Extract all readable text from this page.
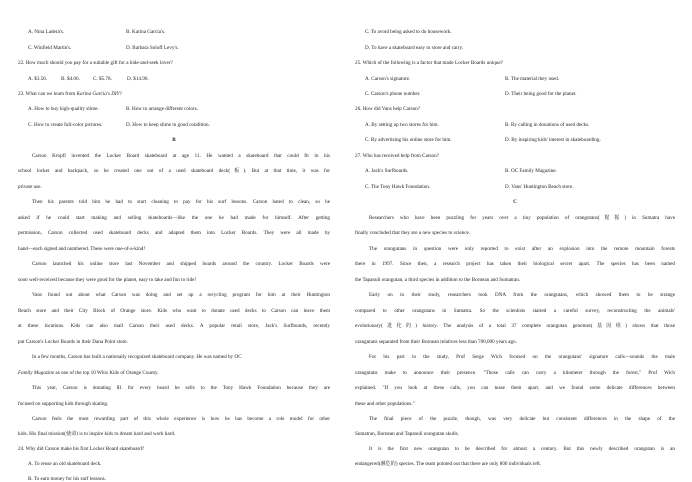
A. Nina Ladera's.	B. Karina Garcia's.
C. Winfield Martin's.	D. Barbara Soloff Levy's.
22. How much should you pay for a suitable gift for a hide-and-seek lover?
A. $3.56.	B. $4.06.	C. $5.78.	D. $14.96.
23. What can we learn from Karina Garcia's DIY?
A. How to buy high-quality slime.	B. How to arrange different colors.
C. How to create full-color pictures.	D. How to keep slime in good condition.
B
Carson Kropfl invented the Locker Board skateboard at age 11. He wanted a skateboard that could fit in his
school locker and backpack, so he created one out of a used skateboard deck(板). But at that time, it was for
private use.
Then his parents told him he had to start cleaning to pay for his surf lessons. Carson hated to clean, so he
asked if he could start making and selling skateboards—like the one he had made for himself. After getting
permission, Carson collected used skateboard decks and adapted them into Locker Boards. They were all made by
hand—each signed and numbered. These were one-of-a-kind!
Carson launched his online store last November and shipped boards around the country. Locker Boards were
soon well-received because they were good for the planet, easy to take and fun to ride!
Vans found out about what Carson was doing and set up a recycling program for him at their Huntington
Beach store and their City Block of Orange store. Kids who want to donate used decks to Carson can leave them
at these locations. Kids can also mail Carson their used decks. A popular retail store, Jack's Surfboards, recently
put Carson's Locker Boards in their Dana Point store.
In a few months, Carson has built a nationally recognized skateboard company. He was named by OC
Family Magazine as one of the top 10 Whiz Kids of Orange County.
This year, Carson is donating $1 for every board he sells to the Tony Hawk Foundation because they are
focused on supporting kids through skating.
Carson feels the most rewarding part of this whole experience is how he has become a role model for other
kids. His final mission(使命) is to inspire kids to dream hard and work hard.
24. Why did Carson make his first Locker Board skateboard?
A. To reuse an old skateboard deck.
B. To earn money for his surf lessons.
C. To avoid being asked to do housework.
D. To have a skateboard easy to store and carry.
25. Which of the following is a factor that made Locker Boards unique?
A. Carson's signature.	B. The material they used.
C. Carson's phone number.	D. Their being good for the planet.
26. How did Vans help Carson?
A. By setting up two stores for him.	B. By calling in donations of used decks.
C. By advertising his online store for him.	D. By inspiring kids' interest in skateboarding.
27. Who has received help from Carson?
A. Jack's Surfboards.	B. OC Family Magazine.
C. The Tony Hawk Foundation.	D. Vans' Huntington Beach store.
C
Researchers who have been puzzling for years over a tiny population of orangutans(猩猩) in Sumatra have
finally concluded that they are a new species to science.
The orangutans in question were only reported to exist after an explosion into the remote mountain forests
there in 1997. Since then, a research project has taken their biological secret apart. The species has been named
the Tapanuli orangutan, a third species in addition to the Bornean and Sumatran.
Early on in their study, researchers took DNA from the orangutans, which showed them to be strange
compared to other orangutans in Sumatra. So the scientists started a careful survey, reconstructing the animals'
evolutionary(进化的) history. The analysis of a total 37 complete orangutan genomes(基因组) shows that those
orangutans separated from their Bornean relatives less than 700,000 years ago.
For his part in the study, Prof Serge Wich focused on the orangutans' signature calls—sounds the male
orangutans make to announce their presence. "Those calls can carry a kilometer through the forest," Prof Wich
explained. "If you look at these calls, you can tease them apart, and we found some delicate differences between
these and other populations."
The final piece of the puzzle, though, was very delicate but consistent differences in the shape of the
Sumatran, Bornean and Tapanuli orangutan skulls.
It is the first new orangutan to be described for almost a century. But this newly described orangutan is an
endangered(濒危的) species. The team pointed out that there are only 800 individuals left.
